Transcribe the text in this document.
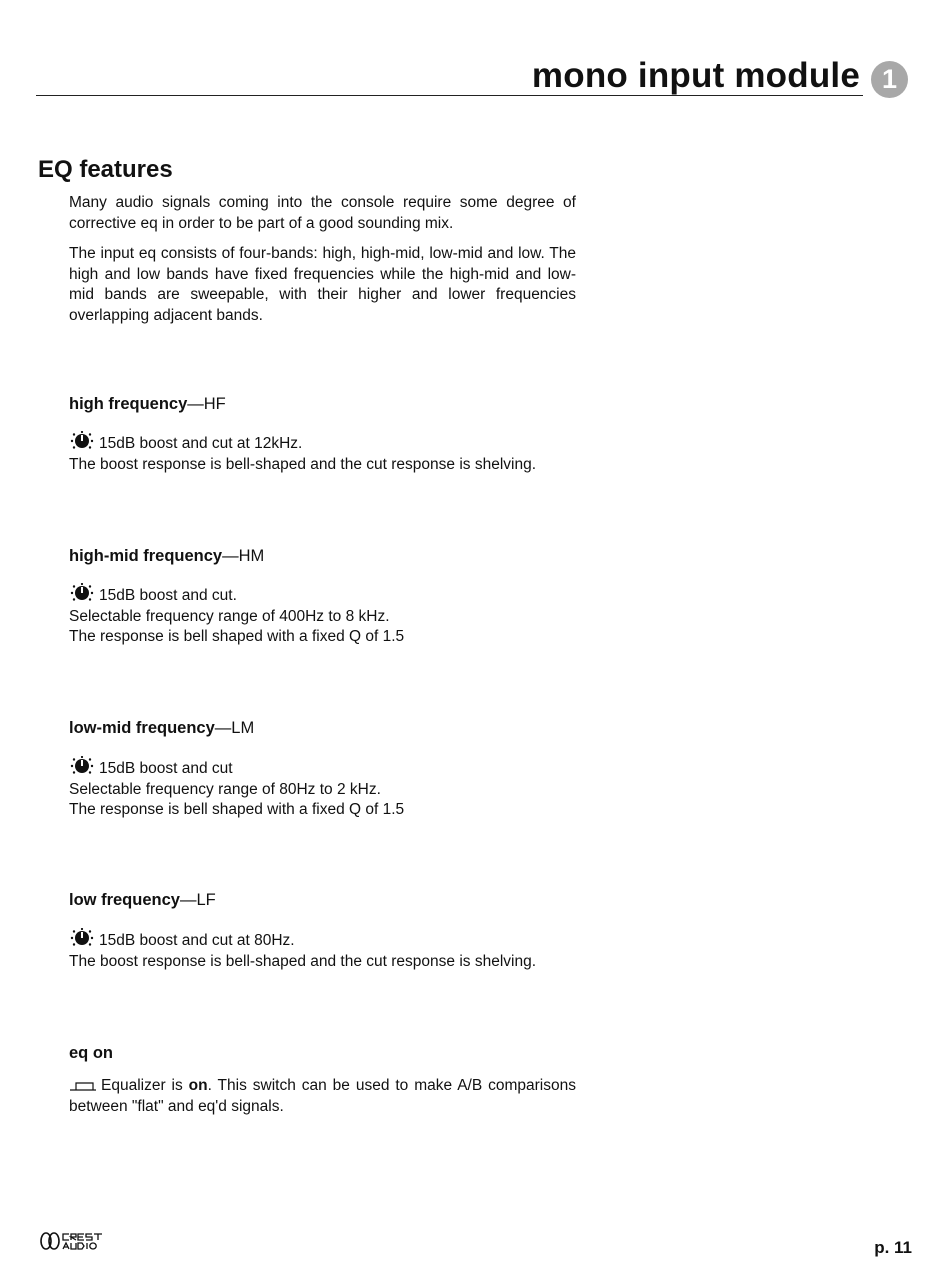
mono input module 1
EQ features

Many audio signals coming into the console require some degree of corrective eq in order to be part of a good sounding mix.

The input eq consists of four-bands: high, high-mid, low-mid and low. The high and low bands have fixed frequencies while the high-mid and low-mid bands are sweepable, with their higher and lower frequencies overlapping adjacent bands.

high frequency—HF
15dB boost and cut at 12kHz.
The boost response is bell-shaped and the cut response is shelving.
high-mid frequency—HM
15dB boost and cut.
Selectable frequency range of 400Hz to 8 kHz.
The response is bell shaped with a fixed Q of 1.5
low-mid frequency—LM
15dB boost and cut
Selectable frequency range of 80Hz to 2 kHz.
The response is bell shaped with a fixed Q of 1.5
low frequency—LF
15dB boost and cut at 80Hz.
The boost response is bell-shaped and the cut response is shelving.
eq on
Equalizer is on. This switch can be used to make A/B comparisons between "flat" and eq'd signals.
p. 11
